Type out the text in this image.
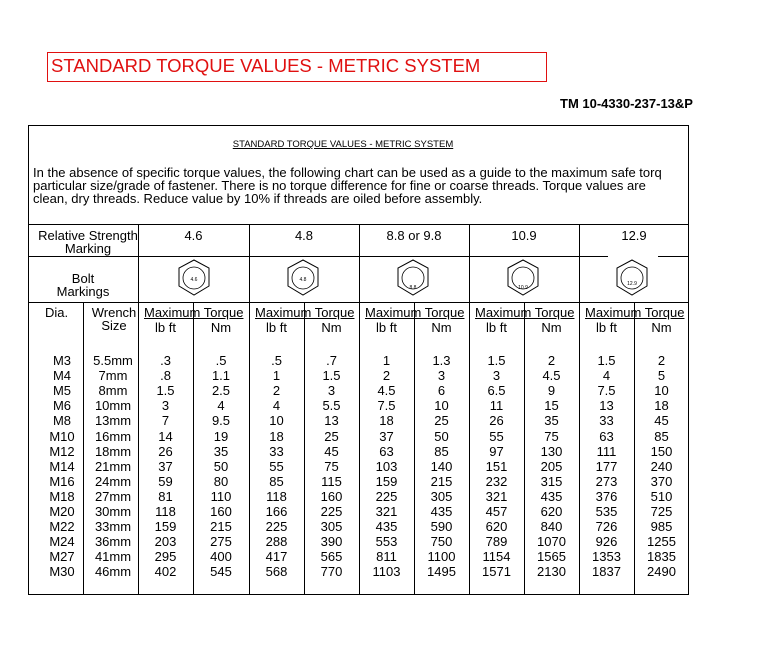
STANDARD TORQUE VALUES - METRIC SYSTEM
TM 10-4330-237-13&P
STANDARD TORQUE VALUES - METRIC SYSTEM
In the absence of specific torque values, the following chart can be used as a guide to the maximum safe torq
particular size/grade of fastener. There is no torque difference for fine or coarse threads. Torque values are
clean, dry threads. Reduce value by 10% if threads are oiled before assembly.
Relative Strength
Marking
4.6	4.8	8.8 or 9.8	10.9	12.9
Bolt
Markings
4.6	4.8
8.8	10.9
12.9
Dia.	Wrench
Size
Maximum Torque Maximum Torque Maximum Torque Maximum Torque Maximum Torque
lb ft	Nm	lb ft	Nm	lb ft	Nm	lb ft	Nm	lb ft	Nm
M3	5.5mm	.3	.5	.5	.7	1	1.3	1.5	2	1.5	2
M4	7mm	.8	1.1	1	1.5	2	3	3	4.5	4	5
M5	8mm	1.5	2.5	2	3	4.5	6	6.5	9	7.5	10
M6	10mm	3	4	4	5.5	7.5	10	11	15	13	18
M8	13mm	7	9.5	10	13	18	25	26	35	33	45
M10	16mm	14	19	18	25	37	50	55	75	63	85
M12	18mm	26	35	33	45	63	85	97	130	111	150
M14	21mm	37	50	55	75	103	140	151	205	177	240
M16	24mm	59	80	85	115	159	215	232	315	273	370
M18	27mm	81	110	118	160	225	305	321	435	376	510
M20	30mm	118	160	166	225	321	435	457	620	535	725
M22	33mm	159	215	225	305	435	590	620	840	726	985
M24	36mm	203	275	288	390	553	750	789	1070	926	1255
M27	41mm	295	400	417	565	811	1100	1154	1565	1353	1835
M30	46mm	402	545	568	770	1103	1495	1571	2130	1837	2490
